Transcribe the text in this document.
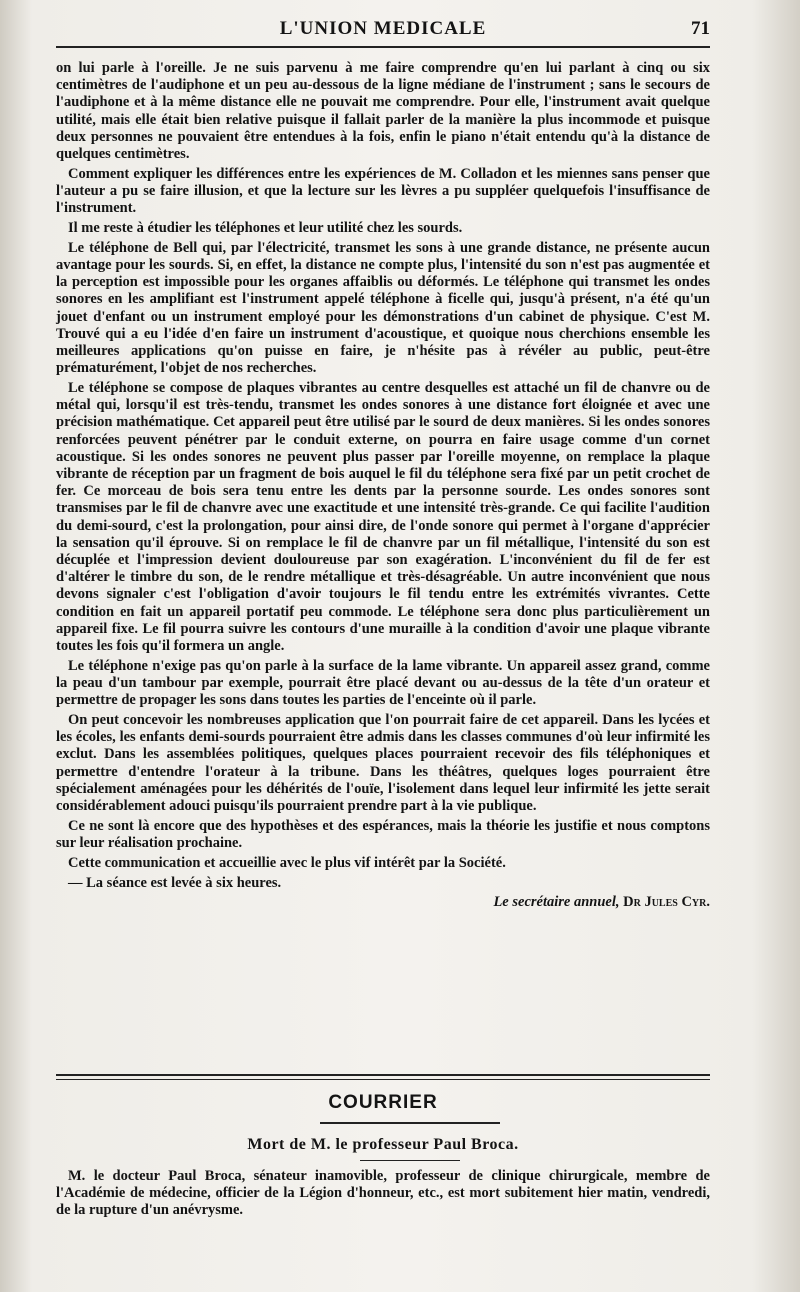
L'UNION MEDICALE	71

on lui parle à l'oreille. Je ne suis parvenu à me faire comprendre qu'en lui parlant à cinq ou six centimètres de l'audiphone et un peu au-dessous de la ligne médiane de l'instrument ; sans le secours de l'audiphone et à la même distance elle ne pouvait me comprendre. Pour elle, l'instrument avait quelque utilité, mais elle était bien relative puisque il fallait parler de la manière la plus incommode et puisque deux personnes ne pouvaient être entendues à la fois, enfin le piano n'était entendu qu'à la distance de quelques centimètres.

Comment expliquer les différences entre les expériences de M. Colladon et les miennes sans penser que l'auteur a pu se faire illusion, et que la lecture sur les lèvres a pu suppléer quelquefois l'insuffisance de l'instrument.

Il me reste à étudier les téléphones et leur utilité chez les sourds.

Le téléphone de Bell qui, par l'électricité, transmet les sons à une grande distance, ne présente aucun avantage pour les sourds. Si, en effet, la distance ne compte plus, l'intensité du son n'est pas augmentée et la perception est impossible pour les organes affaiblis ou déformés. Le téléphone qui transmet les ondes sonores en les amplifiant est l'instrument appelé téléphone à ficelle qui, jusqu'à présent, n'a été qu'un jouet d'enfant ou un instrument employé pour les démonstrations d'un cabinet de physique. C'est M. Trouvé qui a eu l'idée d'en faire un instrument d'acoustique, et quoique nous cherchions ensemble les meilleures applications qu'on puisse en faire, je n'hésite pas à révéler au public, peut-être prématurément, l'objet de nos recherches.

Le téléphone se compose de plaques vibrantes au centre desquelles est attaché un fil de chanvre ou de métal qui, lorsqu'il est très-tendu, transmet les ondes sonores à une distance fort éloignée et avec une précision mathématique. Cet appareil peut être utilisé par le sourd de deux manières. Si les ondes sonores renforcées peuvent pénétrer par le conduit externe, on pourra en faire usage comme d'un cornet acoustique. Si les ondes sonores ne peuvent plus passer par l'oreille moyenne, on remplace la plaque vibrante de réception par un fragment de bois auquel le fil du téléphone sera fixé par un petit crochet de fer. Ce morceau de bois sera tenu entre les dents par la personne sourde. Les ondes sonores sont transmises par le fil de chanvre avec une exactitude et une intensité très-grande. Ce qui facilite l'audition du demi-sourd, c'est la prolongation, pour ainsi dire, de l'onde sonore qui permet à l'organe d'apprécier la sensation qu'il éprouve. Si on remplace le fil de chanvre par un fil métallique, l'intensité du son est décuplée et l'impression devient douloureuse par son exagération. L'inconvénient du fil de fer est d'altérer le timbre du son, de le rendre métallique et très-désagréable. Un autre inconvénient que nous devons signaler c'est l'obligation d'avoir toujours le fil tendu entre les extrémités vivrantes. Cette condition en fait un appareil portatif peu commode. Le téléphone sera donc plus particulièrement un appareil fixe. Le fil pourra suivre les contours d'une muraille à la condition d'avoir une plaque vibrante toutes les fois qu'il formera un angle.

Le téléphone n'exige pas qu'on parle à la surface de la lame vibrante. Un appareil assez grand, comme la peau d'un tambour par exemple, pourrait être placé devant ou au-dessus de la tête d'un orateur et permettre de propager les sons dans toutes les parties de l'enceinte où il parle.

On peut concevoir les nombreuses application que l'on pourrait faire de cet appareil. Dans les lycées et les écoles, les enfants demi-sourds pourraient être admis dans les classes communes d'où leur infirmité les exclut. Dans les assemblées politiques, quelques places pourraient recevoir des fils téléphoniques et permettre d'entendre l'orateur à la tribune. Dans les théâtres, quelques loges pourraient être spécialement aménagées pour les déhérités de l'ouïe, l'isolement dans lequel leur infirmité les jette serait considérablement adouci puisqu'ils pourraient prendre part à la vie publique.

Ce ne sont là encore que des hypothèses et des espérances, mais la théorie les justifie et nous comptons sur leur réalisation prochaine.

Cette communication et accueillie avec le plus vif intérêt par la Société.

— La séance est levée à six heures.

Le secrétaire annuel, Dr Jules Cyr.
COURRIER
Mort de M. le professeur Paul Broca.

M. le docteur Paul Broca, sénateur inamovible, professeur de clinique chirurgicale, membre de l'Académie de médecine, officier de la Légion d'honneur, etc., est mort subitement hier matin, vendredi, de la rupture d'un anévrysme.
